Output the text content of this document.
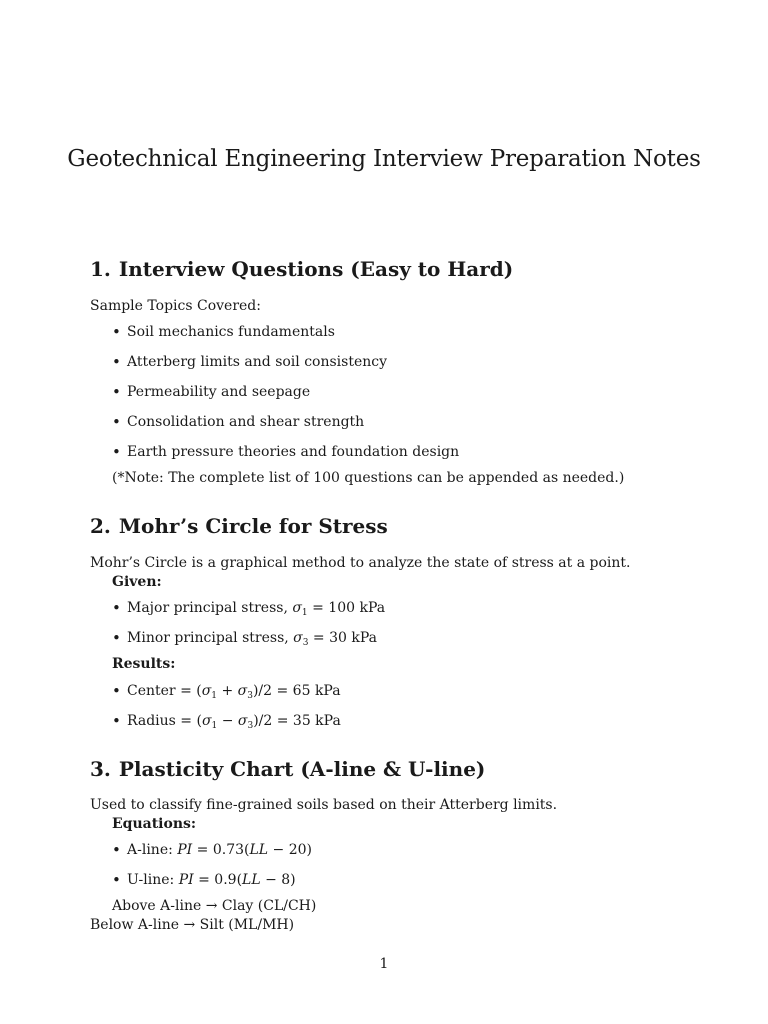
Geotechnical Engineering Interview Preparation Notes
1. Interview Questions (Easy to Hard)

Sample Topics Covered:

• Soil mechanics fundamentals
• Atterberg limits and soil consistency
• Permeability and seepage
• Consolidation and shear strength
• Earth pressure theories and foundation design

(*Note: The complete list of 100 questions can be appended as needed.)

2. Mohr’s Circle for Stress

Mohr’s Circle is a graphical method to analyze the state of stress at a point.

Given:

• Major principal stress, $\sigma_1 = 100$ kPa
• Minor principal stress, $\sigma_3 = 30$ kPa

Results:

• Center = $(\sigma_1 + \sigma_3)/2 = 65$ kPa
• Radius = $(\sigma_1 - \sigma_3)/2 = 35$ kPa
3. Plasticity Chart (A-line & U-line)

Used to classify fine-grained soils based on their Atterberg limits.

Equations:

• A-line: PI = 0.73(LL − 20)
• U-line: PI = 0.9(LL − 8)

Above A-line → Clay (CL/CH)

Below A-line → Silt (ML/MH)

1
